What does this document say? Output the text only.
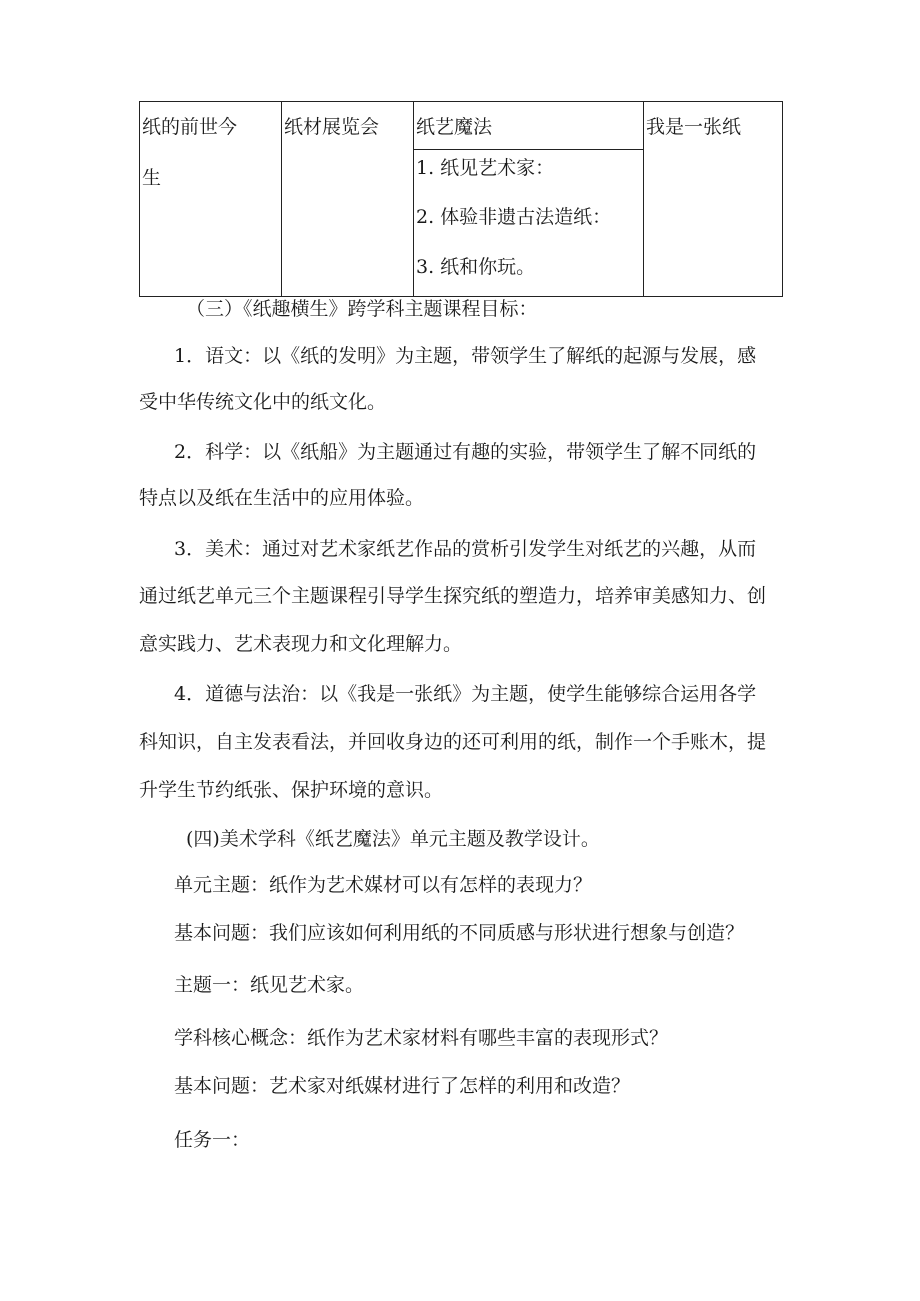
纸的前世今
生
纸材展览会 纸艺魔法
1. 纸见艺术家：
2. 体验非遗古法造纸：
3. 纸和你玩。
我是一张纸
（三）《纸趣横生》跨学科主题课程目标：
1．语文：以《纸的发明》为主题，带领学生了解纸的起源与发展，感
受中华传统文化中的纸文化。
2．科学：以《纸船》为主题通过有趣的实验，带领学生了解不同纸的
特点以及纸在生活中的应用体验。
3．美术：通过对艺术家纸艺作品的赏析引发学生对纸艺的兴趣，从而
通过纸艺单元三个主题课程引导学生探究纸的塑造力，培养审美感知力、创
意实践力、艺术表现力和文化理解力。
4．道德与法治：以《我是一张纸》为主题，使学生能够综合运用各学
科知识，自主发表看法，并回收身边的还可利用的纸，制作一个手账木，提
升学生节约纸张、保护环境的意识。
(四)美术学科《纸艺魔法》单元主题及教学设计。
单元主题：纸作为艺术媒材可以有怎样的表现力？
基本问题：我们应该如何利用纸的不同质感与形状进行想象与创造？
主题一：纸见艺术家。
学科核心概念：纸作为艺术家材料有哪些丰富的表现形式？
基本问题：艺术家对纸媒材进行了怎样的利用和改造？
任务一：
